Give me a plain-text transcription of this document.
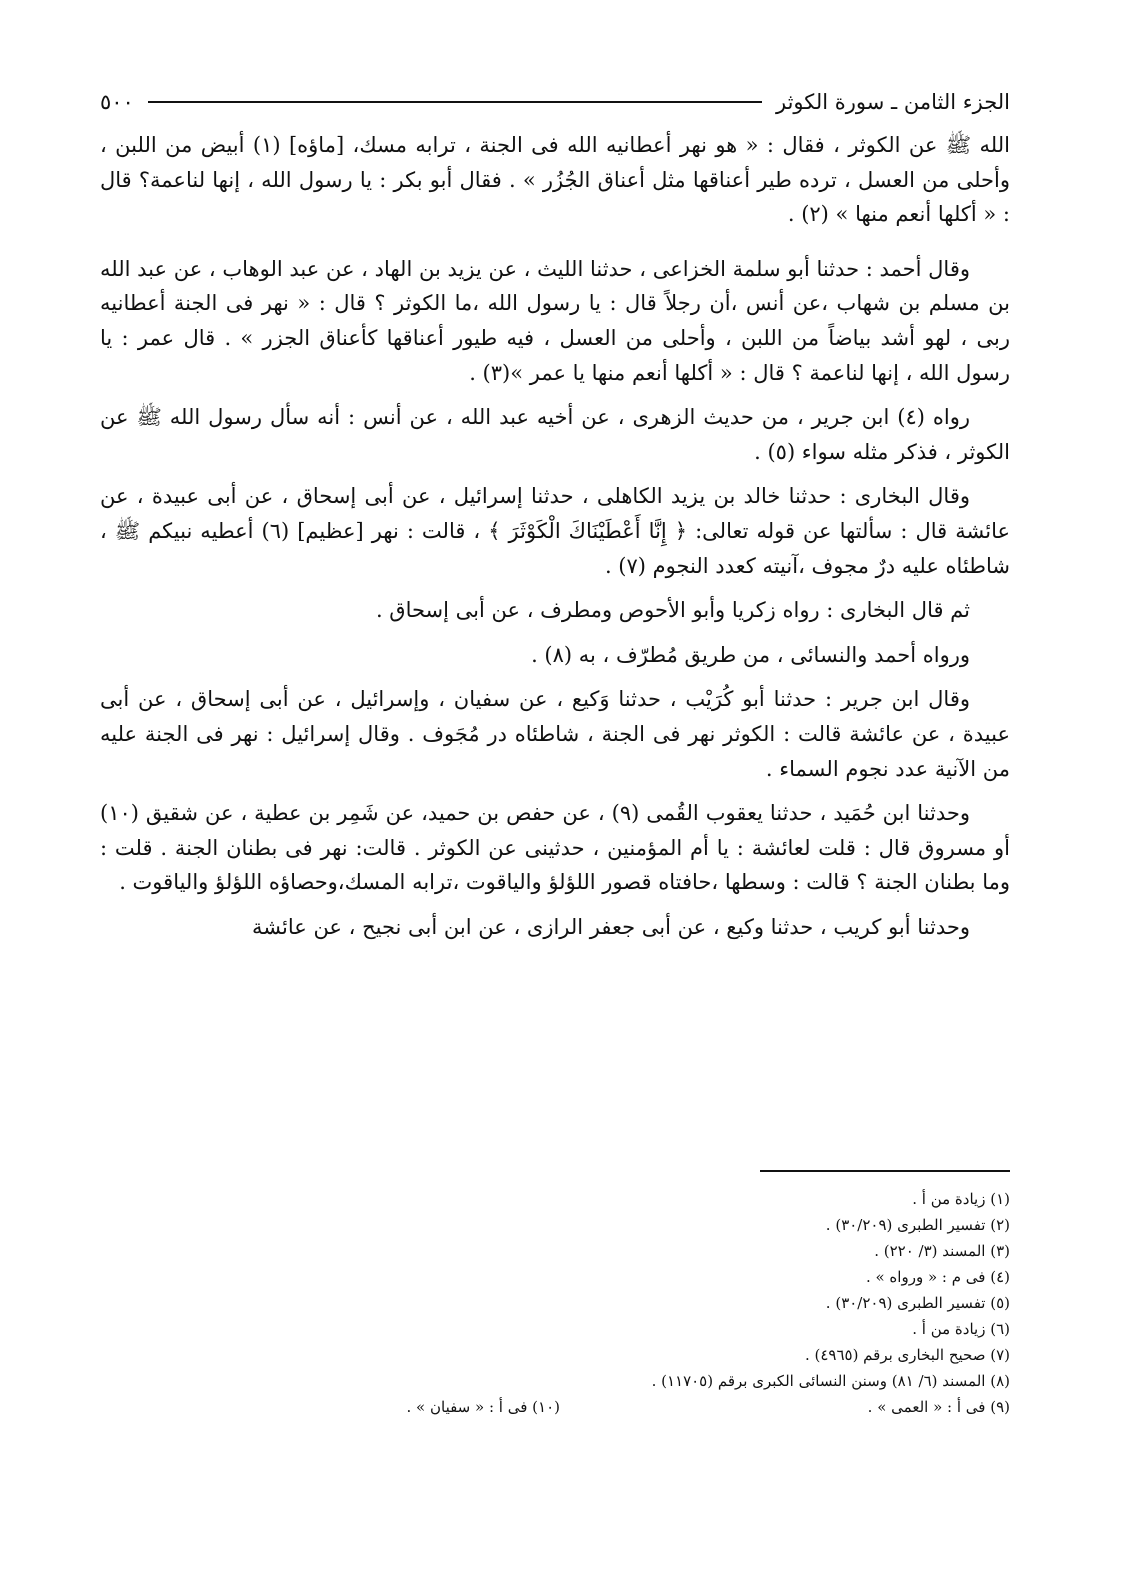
الجزء الثامن ـ سورة الكوثر
٥٠٠

الله ﷺ عن الكوثر ، فقال : « هو نهر أعطانيه الله فى الجنة ، ترابه مسك، [ماؤه] (١) أبيض من اللبن ، وأحلى من العسل ، ترده طير أعناقها مثل أعناق الجُزُر » . فقال أبو بكر : يا رسول الله ، إنها لناعمة؟ قال : « أكلها أنعم منها » (٢) .

وقال أحمد : حدثنا أبو سلمة الخزاعى ، حدثنا الليث ، عن يزيد بن الهاد ، عن عبد الوهاب ، عن عبد الله بن مسلم بن شهاب ،عن أنس ،أن رجلاً قال : يا رسول الله ،ما الكوثر ؟ قال : « نهر فى الجنة أعطانيه ربى ، لهو أشد بياضاً من اللبن ، وأحلى من العسل ، فيه طيور أعناقها كأعناق الجزر » . قال عمر : يا رسول الله ، إنها لناعمة ؟ قال : « أكلها أنعم منها يا عمر »(٣) .

رواه (٤) ابن جرير ، من حديث الزهرى ، عن أخيه عبد الله ، عن أنس : أنه سأل رسول الله ﷺ عن الكوثر ، فذكر مثله سواء (٥) .

وقال البخارى : حدثنا خالد بن يزيد الكاهلى ، حدثنا إسرائيل ، عن أبى إسحاق ، عن أبى عبيدة ، عن عائشة قال : سألتها عن قوله تعالى: ﴿ إِنَّا أَعْطَيْنَاكَ الْكَوْثَرَ ﴾ ، قالت : نهر [عظيم] (٦) أعطيه نبيكم ﷺ ، شاطئاه عليه درٌ مجوف ،آنيته كعدد النجوم (٧) .

ثم قال البخارى : رواه زكريا وأبو الأحوص ومطرف ، عن أبى إسحاق .

ورواه أحمد والنسائى ، من طريق مُطرّف ، به (٨) .

وقال ابن جرير : حدثنا أبو كُرَيْب ، حدثنا وَكيع ، عن سفيان ، وإسرائيل ، عن أبى إسحاق ، عن أبى عبيدة ، عن عائشة قالت : الكوثر نهر فى الجنة ، شاطئاه در مُجَوف . وقال إسرائيل : نهر فى الجنة عليه من الآنية عدد نجوم السماء .

وحدثنا ابن حُمَيد ، حدثنا يعقوب القُمى (٩) ، عن حفص بن حميد، عن شَمِر بن عطية ، عن شقيق (١٠) أو مسروق قال : قلت لعائشة : يا أم المؤمنين ، حدثينى عن الكوثر . قالت: نهر فى بطنان الجنة . قلت : وما بطنان الجنة ؟ قالت : وسطها ،حافتاه قصور اللؤلؤ والياقوت ،ترابه المسك،وحصاؤه اللؤلؤ والياقوت .

وحدثنا أبو كريب ، حدثنا وكيع ، عن أبى جعفر الرازى ، عن ابن أبى نجيح ، عن عائشة

(١) زيادة من أ .
(٢) تفسير الطبرى (٣٠/٢٠٩) .
(٣) المسند (٣/ ٢٢٠) .
(٤) فى م : « ورواه » .
(٥) تفسير الطبرى (٣٠/٢٠٩) .
(٦) زيادة من أ .
(٧) صحيح البخارى برقم (٤٩٦٥) .
(٨) المسند (٦/ ٨١) وسنن النسائى الكبرى برقم (١١٧٠٥) .
(٩) فى أ : « العمى » .
(١٠) فى أ : « سفيان » .
